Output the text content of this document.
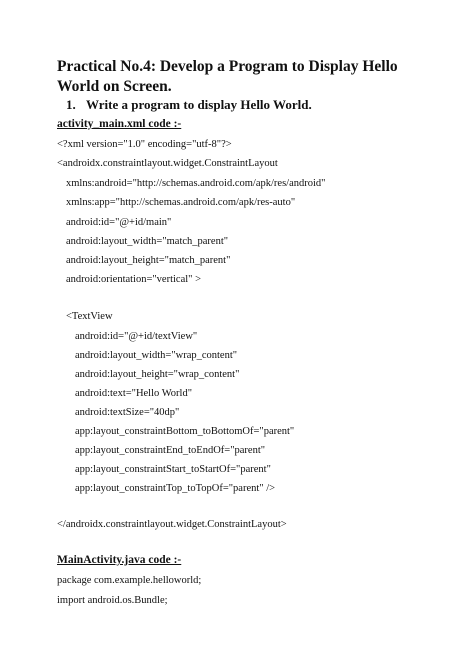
Practical No.4: Develop a Program to Display Hello World on Screen.

1. Write a program to display Hello World.

activity_main.xml code :-

<?xml version="1.0" encoding="utf-8"?>

<androidx.constraintlayout.widget.ConstraintLayout

xmlns:android="http://schemas.android.com/apk/res/android"

xmlns:app="http://schemas.android.com/apk/res-auto"

android:id="@+id/main"

android:layout_width="match_parent"

android:layout_height="match_parent"

android:orientation="vertical" >

<TextView

android:id="@+id/textView"

android:layout_width="wrap_content"

android:layout_height="wrap_content"

android:text="Hello World"

android:textSize="40dp"

app:layout_constraintBottom_toBottomOf="parent"

app:layout_constraintEnd_toEndOf="parent"

app:layout_constraintStart_toStartOf="parent"

app:layout_constraintTop_toTopOf="parent" />

</androidx.constraintlayout.widget.ConstraintLayout>

MainActivity.java code :-

package com.example.helloworld;

import android.os.Bundle;
